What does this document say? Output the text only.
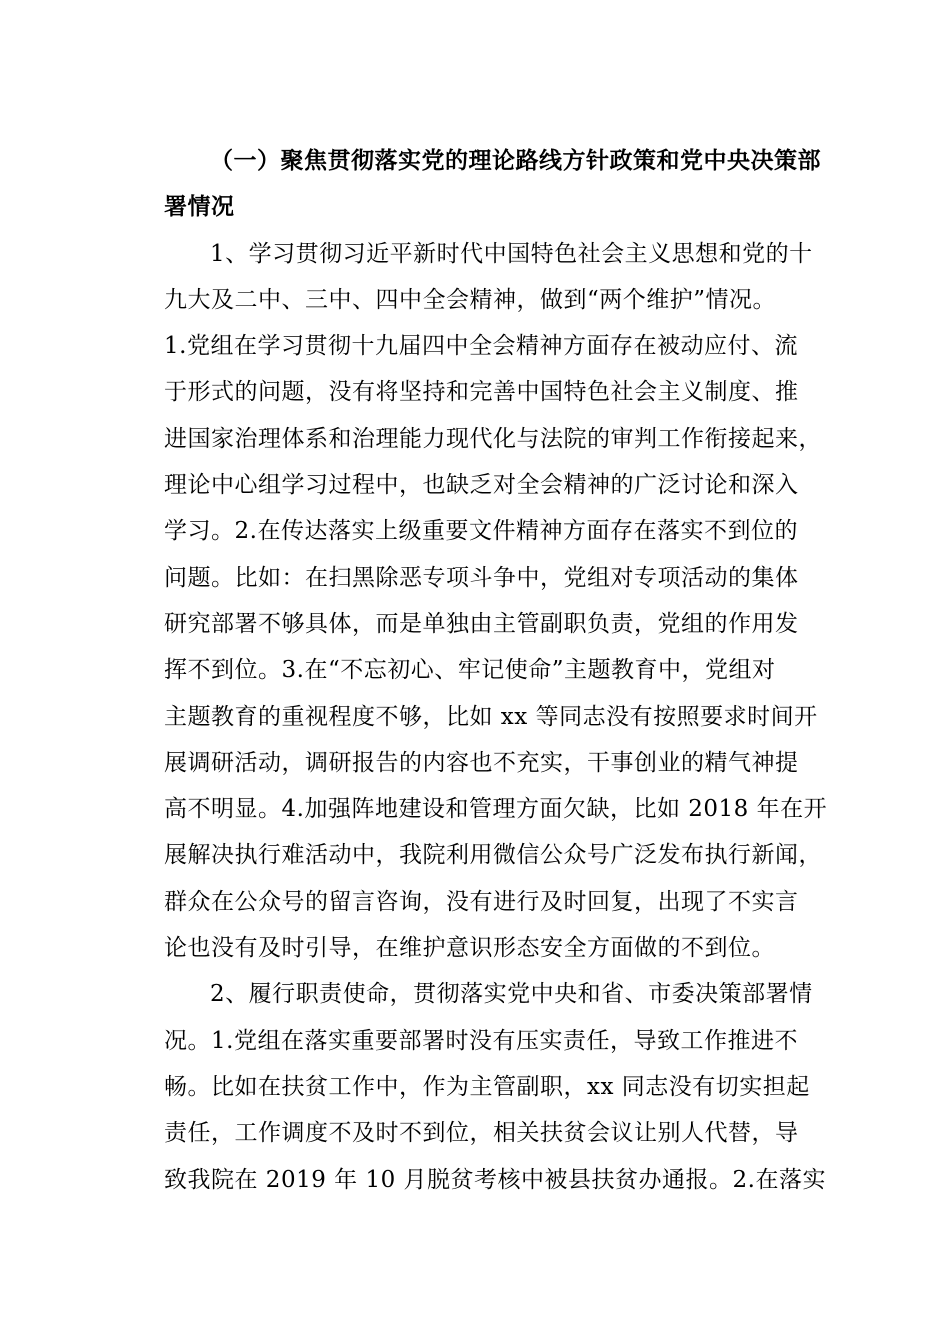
（一）聚焦贯彻落实党的理论路线方针政策和党中央决策部
署情况
1、学习贯彻习近平新时代中国特色社会主义思想和党的十
九大及二中、三中、四中全会精神，做到“两个维护”情况。
1.党组在学习贯彻十九届四中全会精神方面存在被动应付、流
于形式的问题，没有将坚持和完善中国特色社会主义制度、推
进国家治理体系和治理能力现代化与法院的审判工作衔接起来，
理论中心组学习过程中，也缺乏对全会精神的广泛讨论和深入
学习。2.在传达落实上级重要文件精神方面存在落实不到位的
问题。比如：在扫黑除恶专项斗争中，党组对专项活动的集体
研究部署不够具体，而是单独由主管副职负责，党组的作用发
挥不到位。3.在“不忘初心、牢记使命”主题教育中，党组对
主题教育的重视程度不够，比如 xx 等同志没有按照要求时间开
展调研活动，调研报告的内容也不充实，干事创业的精气神提
高不明显。4.加强阵地建设和管理方面欠缺，比如 2018 年在开
展解决执行难活动中，我院利用微信公众号广泛发布执行新闻，
群众在公众号的留言咨询，没有进行及时回复，出现了不实言
论也没有及时引导，在维护意识形态安全方面做的不到位。
2、履行职责使命，贯彻落实党中央和省、市委决策部署情
况。1.党组在落实重要部署时没有压实责任，导致工作推进不
畅。比如在扶贫工作中，作为主管副职，xx 同志没有切实担起
责任，工作调度不及时不到位，相关扶贫会议让别人代替，导
致我院在 2019 年 10 月脱贫考核中被县扶贫办通报。2.在落实
